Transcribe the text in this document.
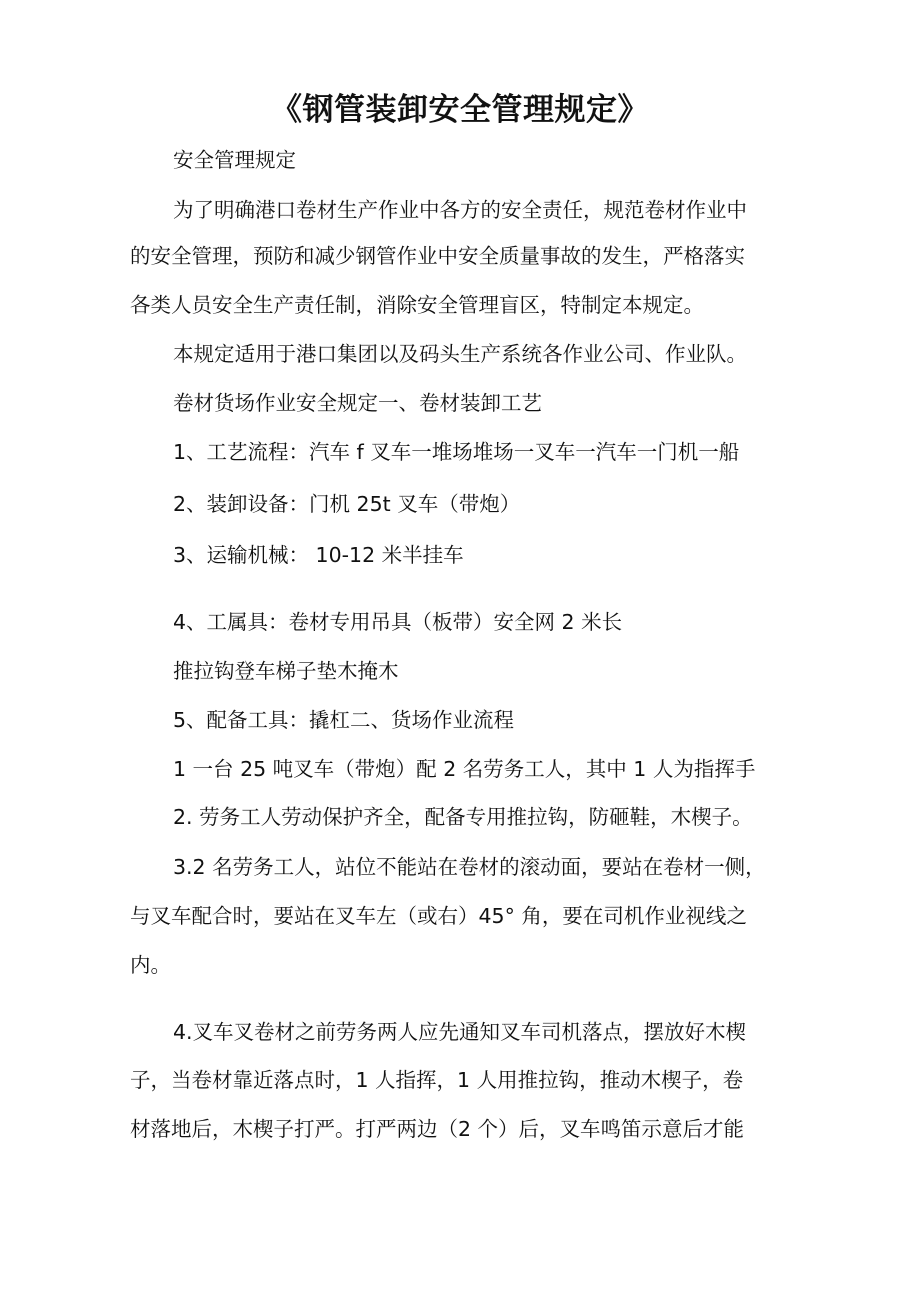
《钢管装卸安全管理规定》
安全管理规定
为了明确港口卷材生产作业中各方的安全责任，规范卷材作业中
的安全管理，预防和减少钢管作业中安全质量事故的发生，严格落实
各类人员安全生产责任制，消除安全管理盲区，特制定本规定。
本规定适用于港口集团以及码头生产系统各作业公司、作业队。
卷材货场作业安全规定一、卷材装卸工艺
1、工艺流程：汽车 f 叉车一堆场堆场一叉车一汽车一门机一船
2、装卸设备：门机 25t 叉车（带炮）
3、运输机械： 10-12 米半挂车
4、工属具：卷材专用吊具（板带）安全网 2 米长
推拉钩登车梯子垫木掩木
5、配备工具：撬杠二、货场作业流程
1 一台 25 吨叉车（带炮）配 2 名劳务工人，其中 1 人为指挥手
2. 劳务工人劳动保护齐全，配备专用推拉钩，防砸鞋，木楔子。
3.2 名劳务工人，站位不能站在卷材的滚动面，要站在卷材一侧，
与叉车配合时，要站在叉车左（或右）45° 角，要在司机作业视线之
内。
4.叉车叉卷材之前劳务两人应先通知叉车司机落点，摆放好木楔
子，当卷材靠近落点时，1 人指挥，1 人用推拉钩，推动木楔子，卷
材落地后，木楔子打严。打严两边（2 个）后，叉车鸣笛示意后才能
